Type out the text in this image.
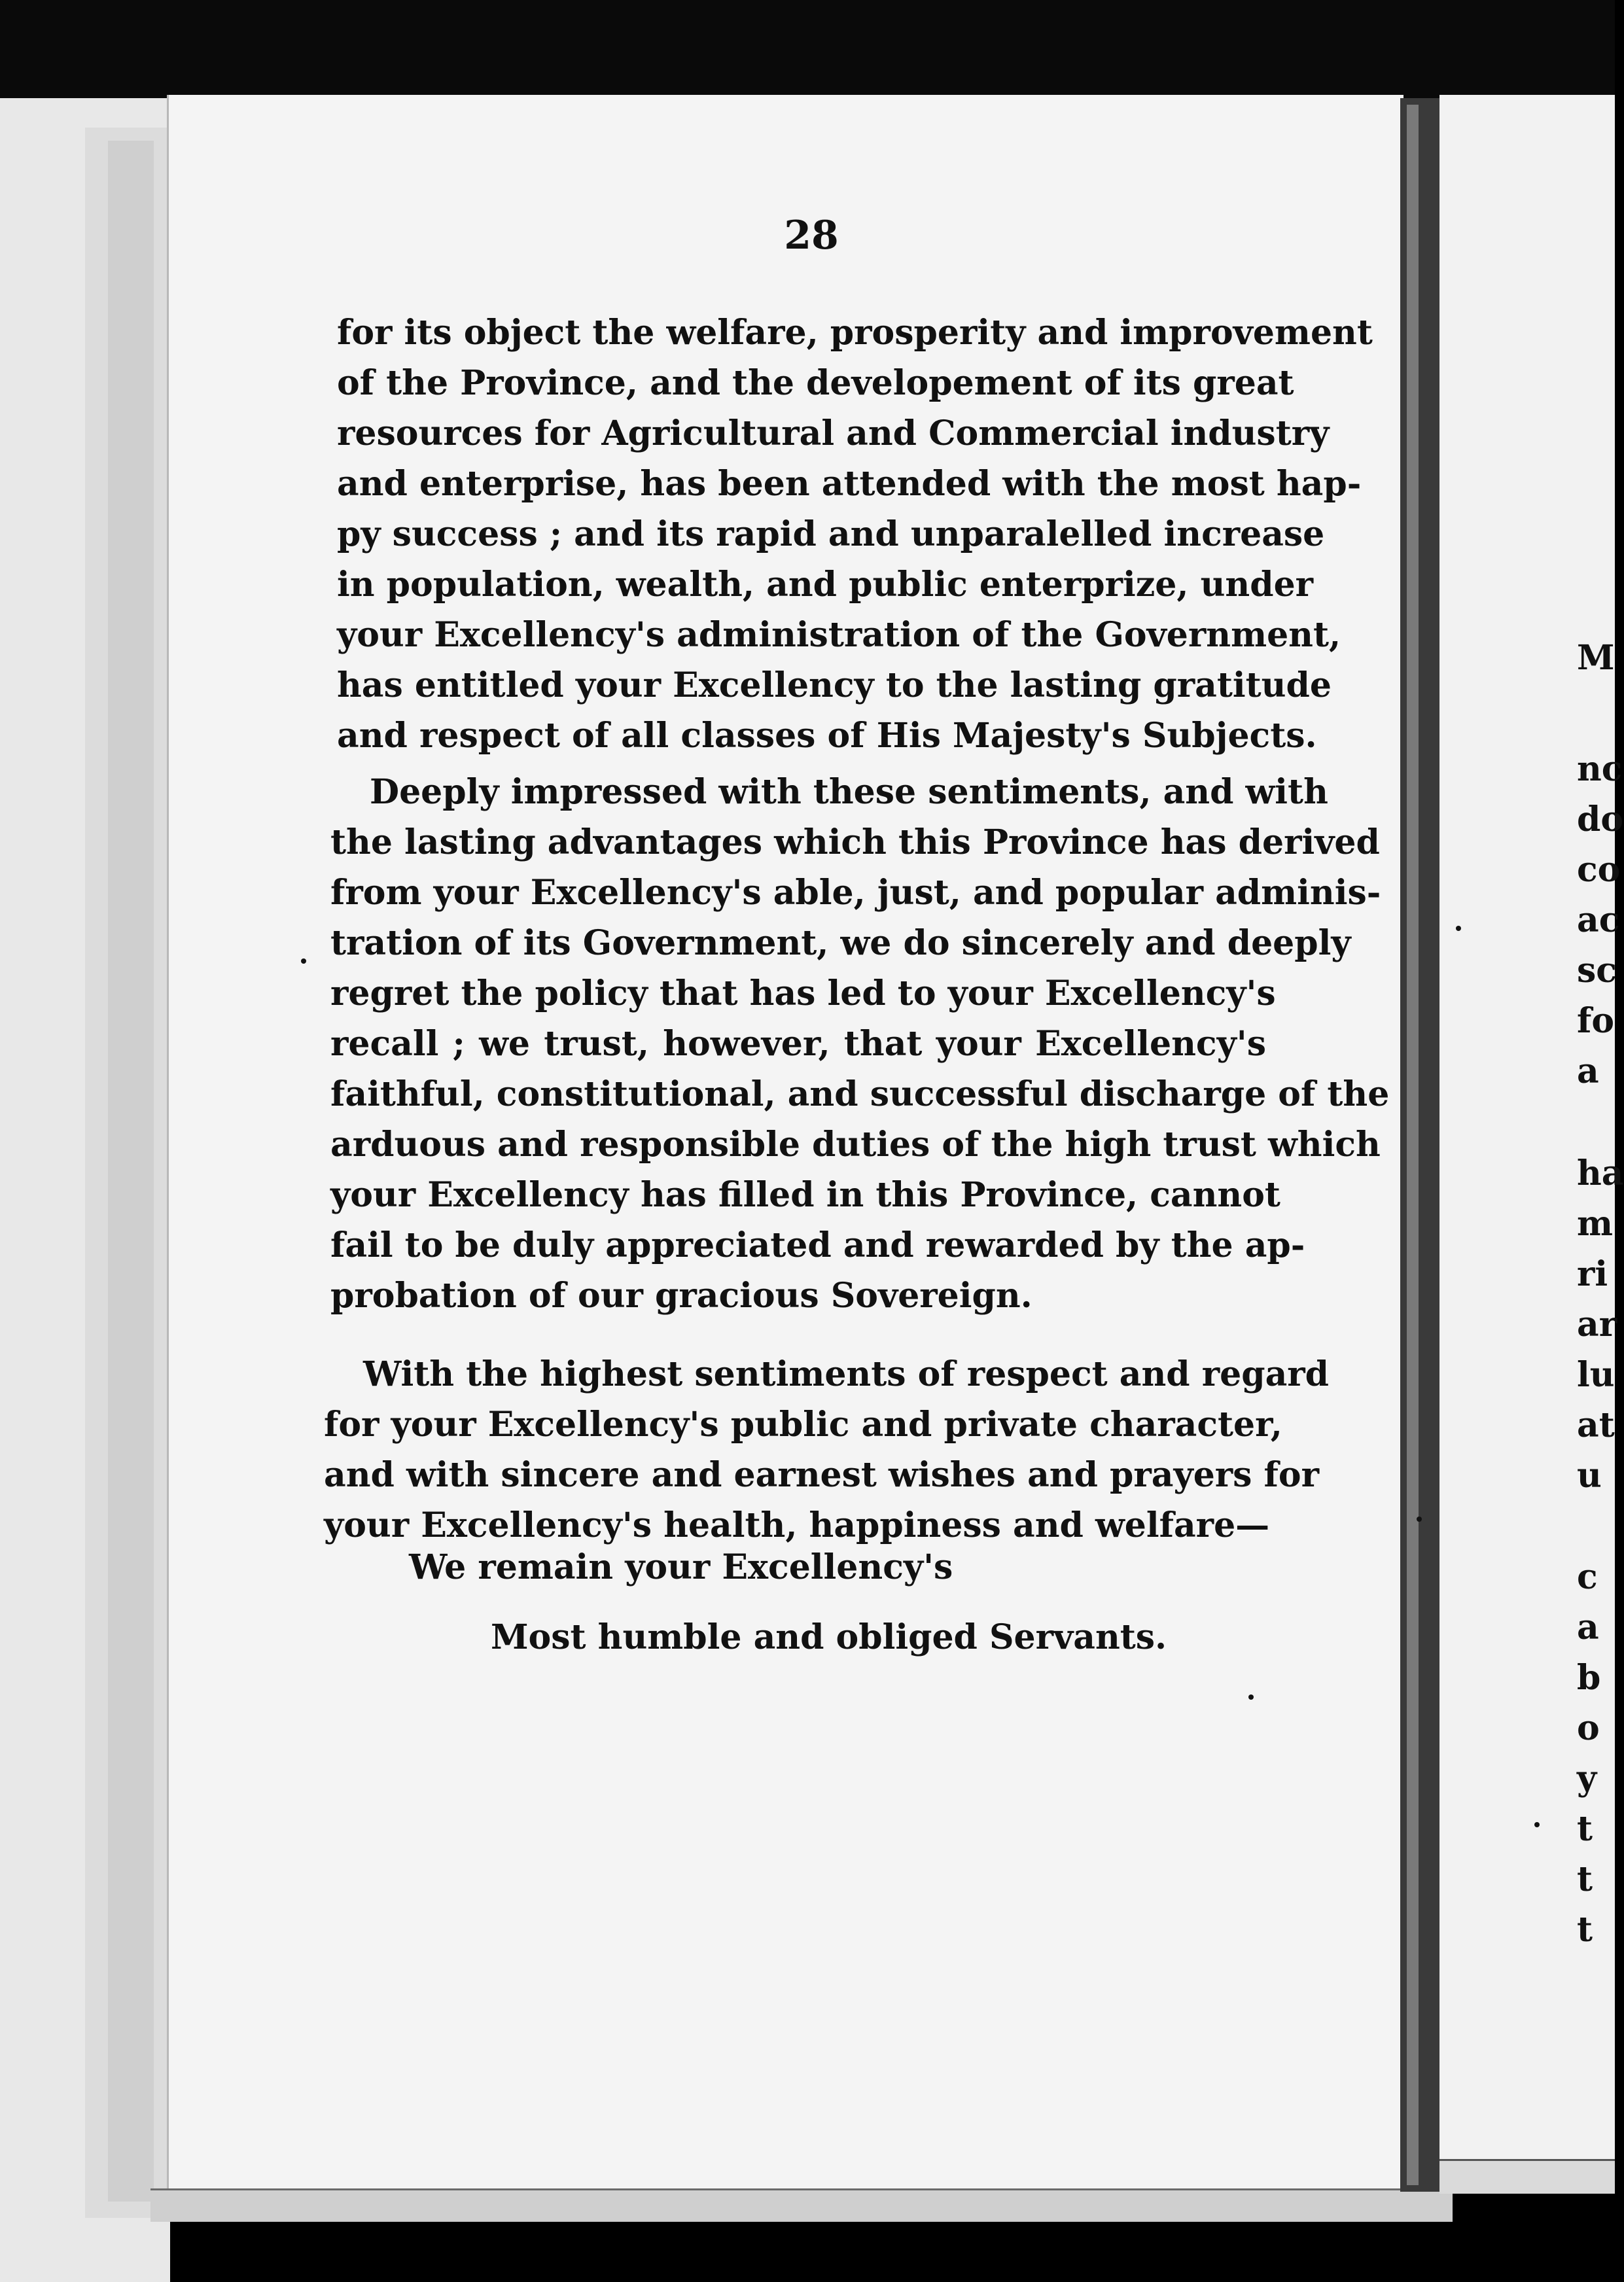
M
nc
do
co
ac
sc
fo
a
ha
m
ri
ar
lu
at
u
c
a
b
o
y
t
t
t
28
for its object the welfare, prosperity and improvement
of the Province, and the developement of its great
resources for Agricultural and Commercial industry
and enterprise, has been attended with the most hap-
py success ; and its rapid and unparalelled increase
in population, wealth, and public enterprize, under
your Excellency's administration of the Government,
has entitled your Excellency to the lasting gratitude
and respect of all classes of His Majesty's Subjects.
Deeply impressed with these sentiments, and with
the lasting advantages which this Province has derived
from your Excellency's able, just, and popular adminis-
tration of its Government, we do sincerely and deeply
regret the policy that has led to your Excellency's
recall ; we trust, however, that your Excellency's
faithful, constitutional, and successful discharge of the
arduous and responsible duties of the high trust which
your Excellency has filled in this Province, cannot
fail to be duly appreciated and rewarded by the ap-
probation of our gracious Sovereign.
With the highest sentiments of respect and regard
for your Excellency's public and private character,
and with sincere and earnest wishes and prayers for
your Excellency's health, happiness and welfare—
We remain your Excellency's
Most humble and obliged Servants.
